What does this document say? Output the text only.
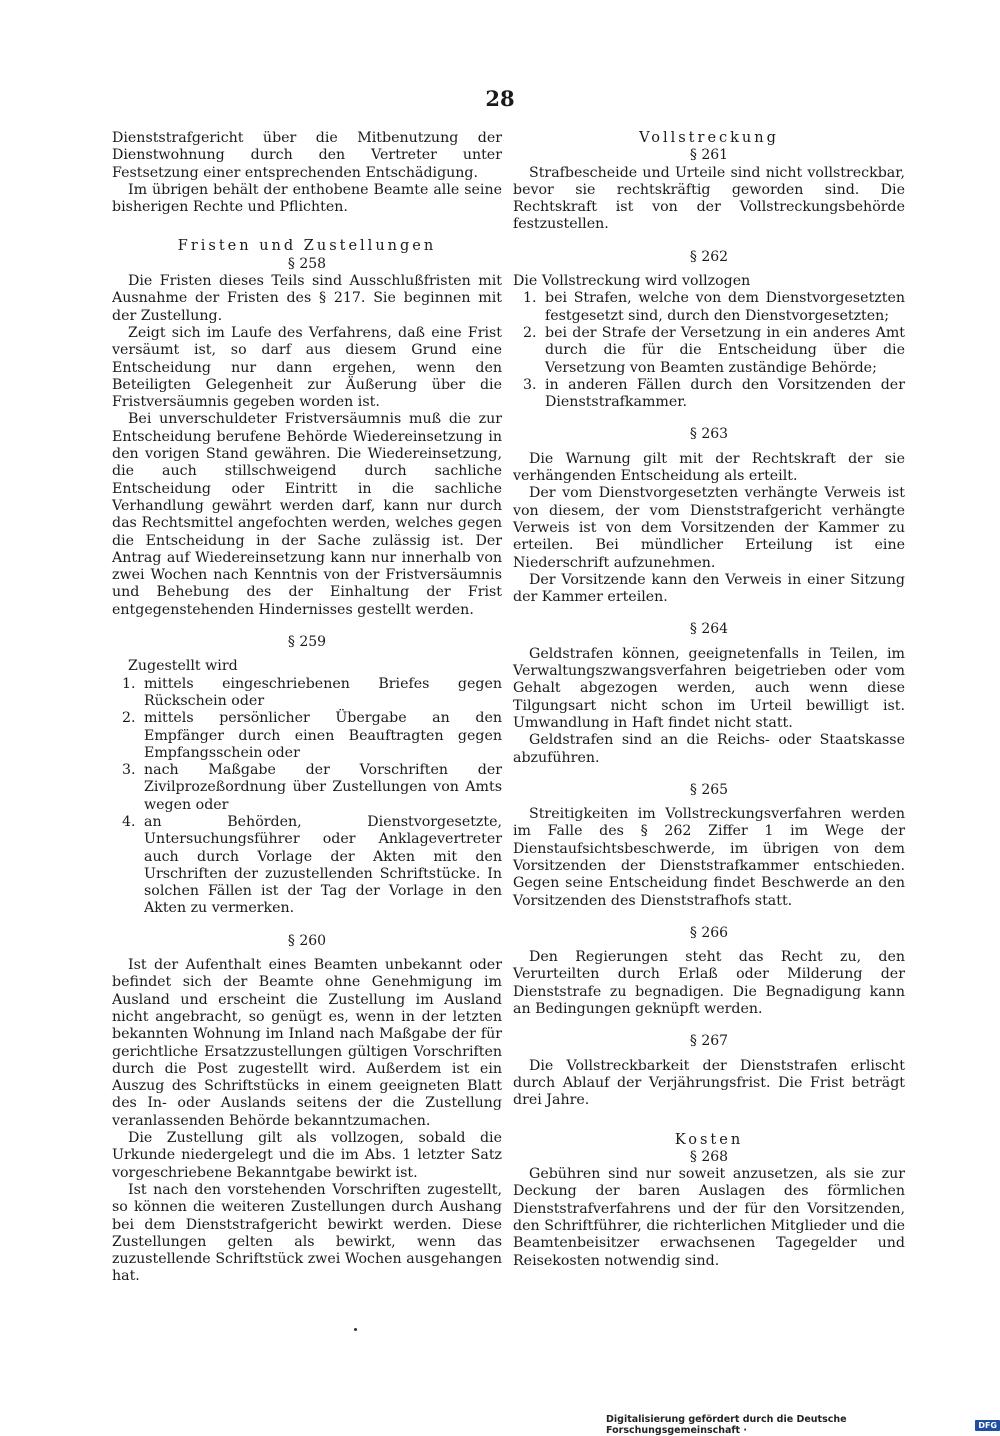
28

Dienststrafgericht über die Mitbenutzung der Dienstwohnung durch den Vertreter unter Festsetzung einer entsprechenden Entschädigung.

Im übrigen behält der enthobene Beamte alle seine bisherigen Rechte und Pflichten.

Fristen und Zustellungen
§ 258

Die Fristen dieses Teils sind Ausschlußfristen mit Ausnahme der Fristen des § 217. Sie beginnen mit der Zustellung.

Zeigt sich im Laufe des Verfahrens, daß eine Frist versäumt ist, so darf aus diesem Grund eine Entscheidung nur dann ergehen, wenn den Beteiligten Gelegenheit zur Äußerung über die Fristversäumnis gegeben worden ist.

Bei unverschuldeter Fristversäumnis muß die zur Entscheidung berufene Behörde Wiedereinsetzung in den vorigen Stand gewähren. Die Wiedereinsetzung, die auch stillschweigend durch sachliche Entscheidung oder Eintritt in die sachliche Verhandlung gewährt werden darf, kann nur durch das Rechtsmittel angefochten werden, welches gegen die Entscheidung in der Sache zulässig ist. Der Antrag auf Wiedereinsetzung kann nur innerhalb von zwei Wochen nach Kenntnis von der Fristversäumnis und Behebung des der Einhaltung der Frist entgegenstehenden Hindernisses gestellt werden.

§ 259

Zugestellt wird

1. mittels eingeschriebenen Briefes gegen Rückschein oder
2. mittels persönlicher Übergabe an den Empfänger durch einen Beauftragten gegen Empfangsschein oder
3. nach Maßgabe der Vorschriften der Zivilprozeßordnung über Zustellungen von Amts wegen oder
4. an Behörden, Dienstvorgesetzte, Untersuchungsführer oder Anklagevertreter auch durch Vorlage der Akten mit den Urschriften der zuzustellenden Schriftstücke. In solchen Fällen ist der Tag der Vorlage in den Akten zu vermerken.
§ 260

Ist der Aufenthalt eines Beamten unbekannt oder befindet sich der Beamte ohne Genehmigung im Ausland und erscheint die Zustellung im Ausland nicht angebracht, so genügt es, wenn in der letzten bekannten Wohnung im Inland nach Maßgabe der für gerichtliche Ersatzzustellungen gültigen Vorschriften durch die Post zugestellt wird. Außerdem ist ein Auszug des Schriftstücks in einem geeigneten Blatt des In- oder Auslands seitens der die Zustellung veranlassenden Behörde bekanntzumachen.

Die Zustellung gilt als vollzogen, sobald die Urkunde niedergelegt und die im Abs. 1 letzter Satz vorgeschriebene Bekanntgabe bewirkt ist.

Ist nach den vorstehenden Vorschriften zugestellt, so können die weiteren Zustellungen durch Aushang bei dem Dienststrafgericht bewirkt werden. Diese Zustellungen gelten als bewirkt, wenn das zuzustellende Schriftstück zwei Wochen ausgehangen hat.

Vollstreckung
§ 261

Strafbescheide und Urteile sind nicht vollstreckbar, bevor sie rechtskräftig geworden sind. Die Rechtskraft ist von der Vollstreckungsbehörde festzustellen.

§ 262

Die Vollstreckung wird vollzogen

1. bei Strafen, welche von dem Dienstvorgesetzten festgesetzt sind, durch den Dienstvorgesetzten;
2. bei der Strafe der Versetzung in ein anderes Amt durch die für die Entscheidung über die Versetzung von Beamten zuständige Behörde;
3. in anderen Fällen durch den Vorsitzenden der Dienststrafkammer.
§ 263

Die Warnung gilt mit der Rechtskraft der sie verhängenden Entscheidung als erteilt.

Der vom Dienstvorgesetzten verhängte Verweis ist von diesem, der vom Dienststrafgericht verhängte Verweis ist von dem Vorsitzenden der Kammer zu erteilen. Bei mündlicher Erteilung ist eine Niederschrift aufzunehmen.

Der Vorsitzende kann den Verweis in einer Sitzung der Kammer erteilen.

§ 264

Geldstrafen können, geeignetenfalls in Teilen, im Verwaltungszwangsverfahren beigetrieben oder vom Gehalt abgezogen werden, auch wenn diese Tilgungsart nicht schon im Urteil bewilligt ist. Umwandlung in Haft findet nicht statt.

Geldstrafen sind an die Reichs- oder Staatskasse abzuführen.

§ 265

Streitigkeiten im Vollstreckungsverfahren werden im Falle des § 262 Ziffer 1 im Wege der Dienstaufsichtsbeschwerde, im übrigen von dem Vorsitzenden der Dienststrafkammer entschieden. Gegen seine Entscheidung findet Beschwerde an den Vorsitzenden des Dienststrafhofs statt.

§ 266

Den Regierungen steht das Recht zu, den Verurteilten durch Erlaß oder Milderung der Dienststrafe zu begnadigen. Die Begnadigung kann an Bedingungen geknüpft werden.

§ 267

Die Vollstreckbarkeit der Dienststrafen erlischt durch Ablauf der Verjährungsfrist. Die Frist beträgt drei Jahre.

Kosten
§ 268

Gebühren sind nur soweit anzusetzen, als sie zur Deckung der baren Auslagen des förmlichen Dienststrafverfahrens und der für den Vorsitzenden, den Schriftführer, die richterlichen Mitglieder und die Beamtenbeisitzer erwachsenen Tagegelder und Reisekosten notwendig sind.

Digitalisierung gefördert durch die Deutsche Forschungsgemeinschaft ·	DFG
